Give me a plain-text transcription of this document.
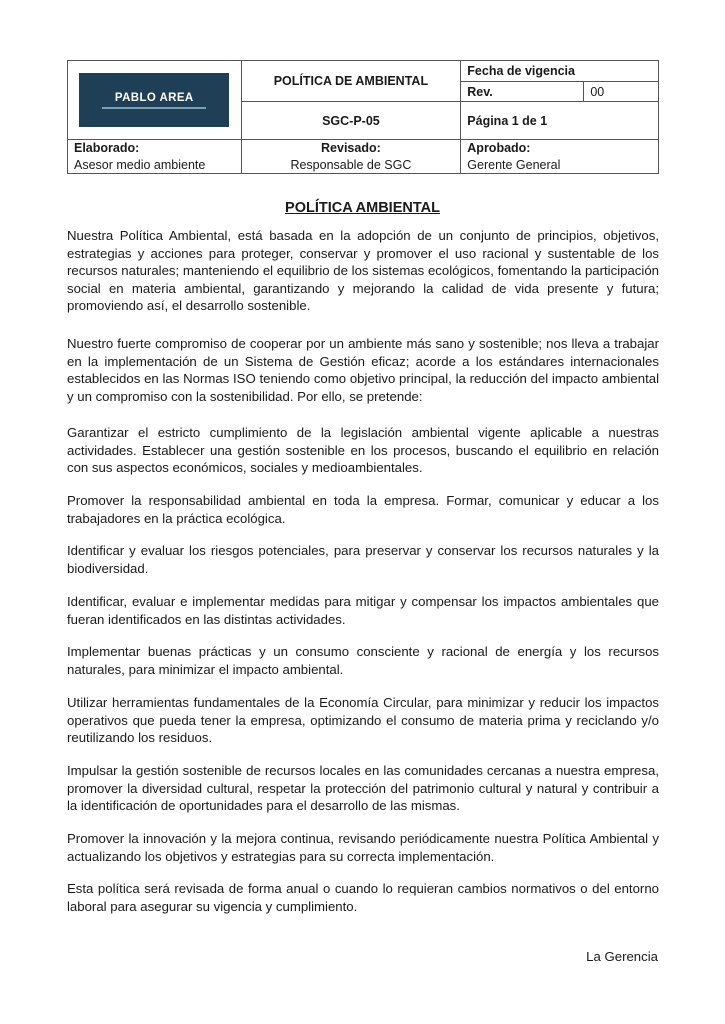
PABLO AREA	POLÍTICA DE AMBIENTAL	Fecha de vigencia	
		Rev.	00
	SGC-P-05	Página 1 de 1	
Elaborado:	Revisado:	Aprobado:	
Asesor medio ambiente	Responsable de SGC	Gerente General	

POLÍTICA AMBIENTAL

Nuestra Política Ambiental, está basada en la adopción de un conjunto de principios, objetivos, estrategias y acciones para proteger, conservar y promover el uso racional y sustentable de los recursos naturales; manteniendo el equilibrio de los sistemas ecológicos, fomentando la participación social en materia ambiental, garantizando y mejorando la calidad de vida presente y futura; promoviendo así, el desarrollo sostenible.

Nuestro fuerte compromiso de cooperar por un ambiente más sano y sostenible; nos lleva a trabajar en la implementación de un Sistema de Gestión eficaz; acorde a los estándares internacionales establecidos en las Normas ISO teniendo como objetivo principal, la reducción del impacto ambiental y un compromiso con la sostenibilidad. Por ello, se pretende:

Garantizar el estricto cumplimiento de la legislación ambiental vigente aplicable a nuestras actividades. Establecer una gestión sostenible en los procesos, buscando el equilibrio en relación con sus aspectos económicos, sociales y medioambientales.

Promover la responsabilidad ambiental en toda la empresa. Formar, comunicar y educar a los trabajadores en la práctica ecológica.

Identificar y evaluar los riesgos potenciales, para preservar y conservar los recursos naturales y la biodiversidad.

Identificar, evaluar e implementar medidas para mitigar y compensar los impactos ambientales que fueran identificados en las distintas actividades.

Implementar buenas prácticas y un consumo consciente y racional de energía y los recursos naturales, para minimizar el impacto ambiental.

Utilizar herramientas fundamentales de la Economía Circular, para minimizar y reducir los impactos operativos que pueda tener la empresa, optimizando el consumo de materia prima y reciclando y/o reutilizando los residuos.

Impulsar la gestión sostenible de recursos locales en las comunidades cercanas a nuestra empresa, promover la diversidad cultural, respetar la protección del patrimonio cultural y natural y contribuir a la identificación de oportunidades para el desarrollo de las mismas.

Promover la innovación y la mejora continua, revisando periódicamente nuestra Política Ambiental y actualizando los objetivos y estrategias para su correcta implementación.

Esta política será revisada de forma anual o cuando lo requieran cambios normativos o del entorno laboral para asegurar su vigencia y cumplimiento.

La Gerencia
